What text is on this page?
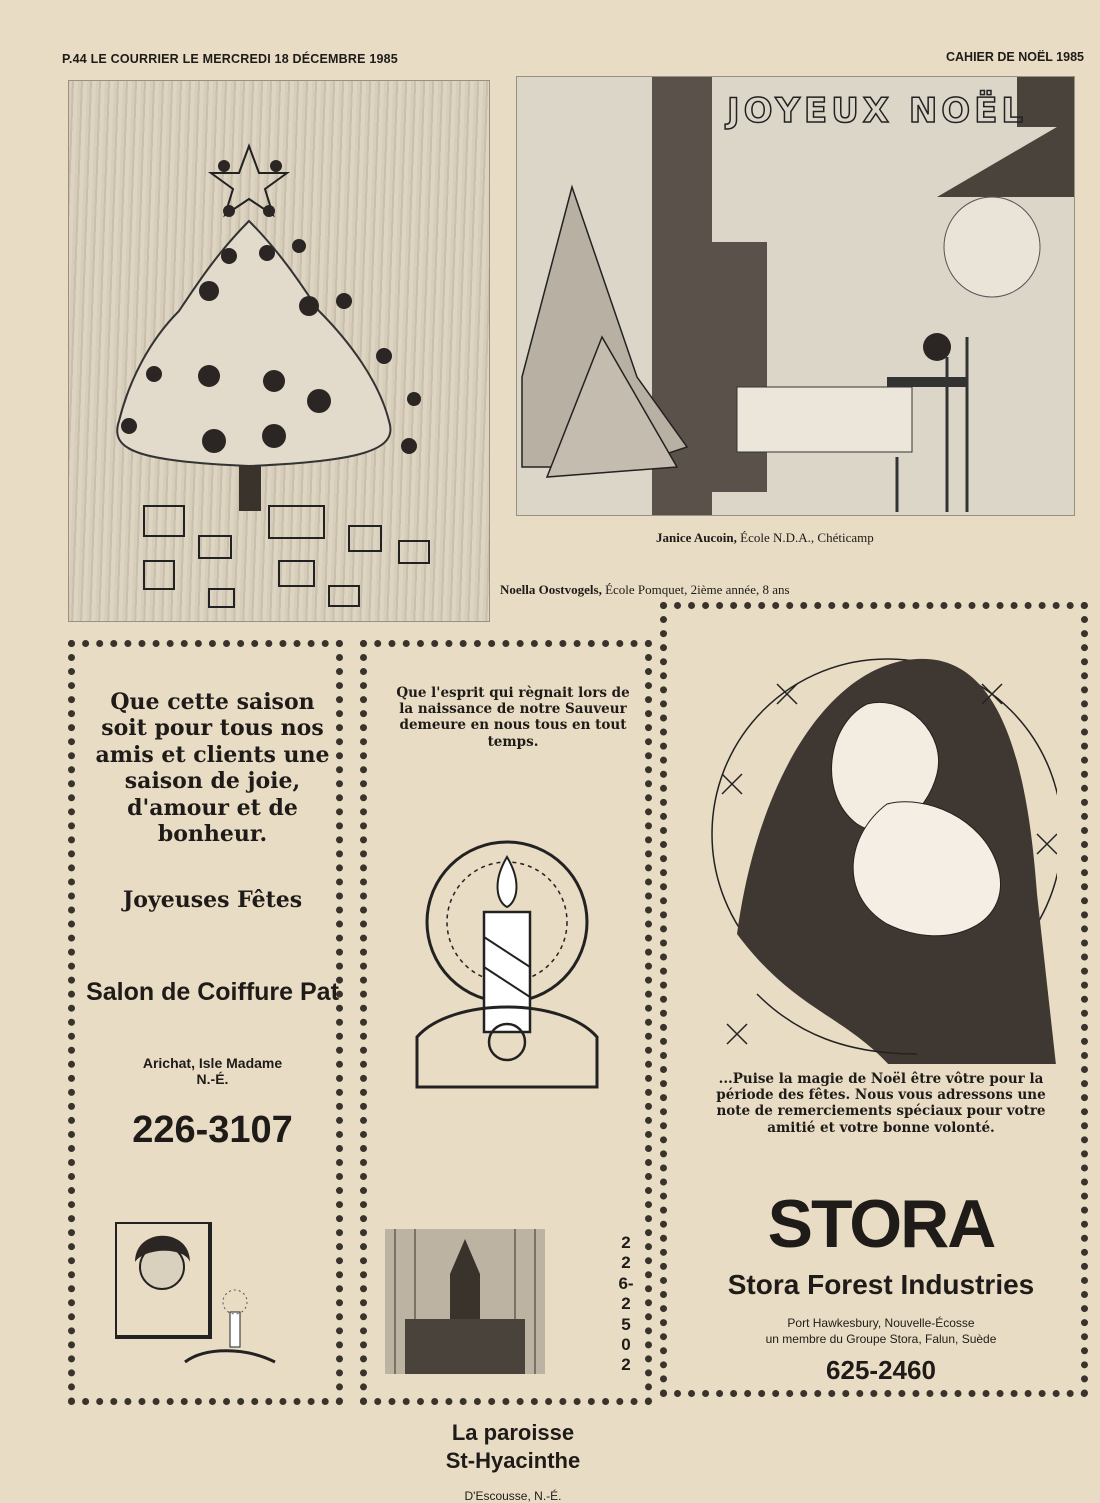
P.44 LE COURRIER LE MERCREDI 18 DÉCEMBRE 1985	CAHIER DE NOËL 1985
JOYEUX NOËL
Janice Aucoin, École N.D.A., Chéticamp
Noella Oostvogels, École Pomquet, 2ième année, 8 ans
Que cette saison soit pour tous nos amis et clients une saison de joie, d'amour et de bonheur.
Joyeuses Fêtes
Salon de Coiffure Pat
Arichat, Isle Madame
N.-É.
226-3107
Que l'esprit qui règnait lors de la naissance de notre Sauveur demeure en nous tous en tout temps.
La paroisse
St-Hyacinthe
D'Escousse, N.-É.
226-2502
...Puise la magie de Noël être vôtre pour la période des fêtes. Nous vous adressons une note de remerciements spéciaux pour votre amitié et votre bonne volonté.
STORA
Stora Forest Industries
Port Hawkesbury, Nouvelle-Écosse
un membre du Groupe Stora, Falun, Suède
625-2460
